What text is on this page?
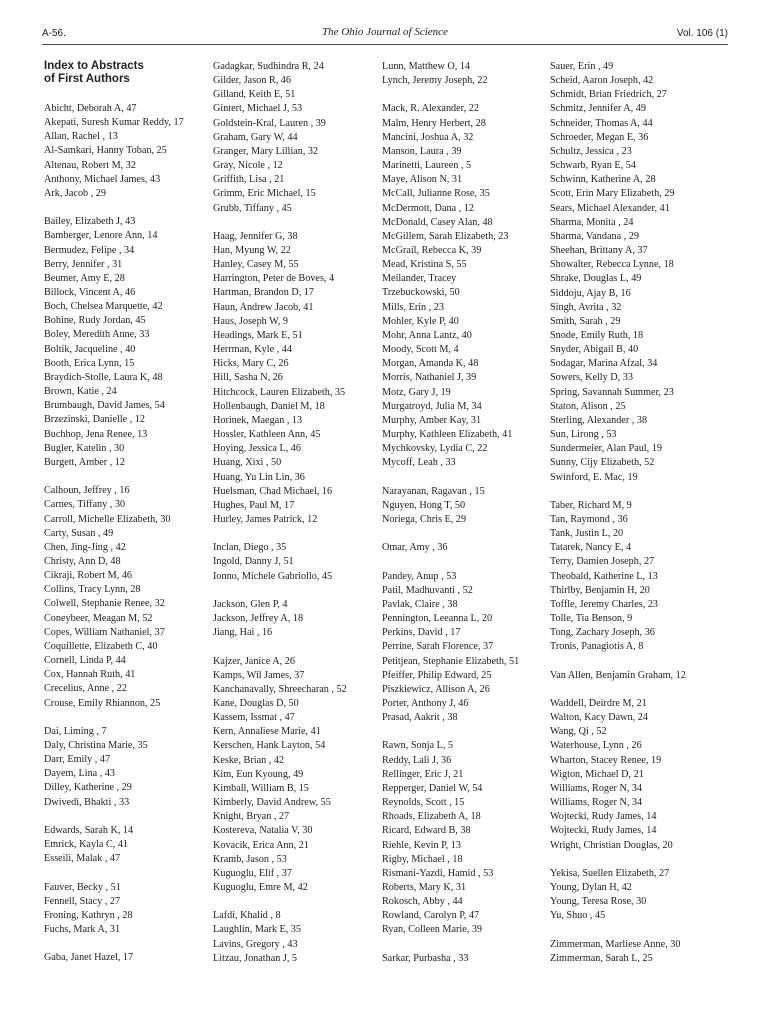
A-56.	The Ohio Journal of Science	Vol. 106 (1)
Index to Abstracts
of First Authors
Abicht, Deborah A, 47
Akepati, Suresh Kumar Reddy, 17
Allan, Rachel , 13
Al-Samkari, Hanny Toban, 25
Altenau, Robert M, 32
Anthony, Michael James, 43
Ark, Jacob , 29
Bailey, Elizabeth J, 43
Bamberger, Lenore Ann, 14
Bermudez, Felipe , 34
Berry, Jennifer , 31
Beumer, Amy E, 28
Billock, Vincent A, 46
Boch, Chelsea Marquette, 42
Bohine, Rudy Jordan, 45
Boley, Meredith Anne, 33
Boltik, Jacqueline , 40
Booth, Erica Lynn, 15
Braydich-Stolle, Laura K, 48
Brown, Katie , 24
Brumbaugh, David James, 54
Brzezinski, Danielle , 12
Buchhop, Jena Renee, 13
Bugler, Katelin , 30
Burgett, Amber , 12
Calhoun, Jeffrey , 16
Carnes, Tiffany , 30
Carroll, Michelle Elizabeth, 30
Carty, Susan , 49
Chen, Jing-Jing , 42
Christy, Ann D, 48
Cikraji, Robert M, 46
Collins, Tracy Lynn, 28
Colwell, Stephanie Renee, 32
Coneybeer, Meagan M, 52
Copes, William Nathaniel, 37
Coquillette, Elizabeth C, 40
Cornell, Linda P, 44
Cox, Hannah Ruth, 41
Crecelius, Anne , 22
Crouse, Emily Rhiannon, 25
Dai, Liming , 7
Daly, Christina Marie, 35
Darr, Emily , 47
Dayem, Lina , 43
Dilley, Katherine , 29
Dwivedi, Bhakti , 33
Edwards, Sarah K, 14
Emrick, Kayla C, 41
Esseili, Malak , 47
Fauver, Becky , 51
Fennell, Stacy , 27
Froning, Kathryn , 28
Fuchs, Mark A, 31
Gaba, Janet Hazel, 17
Gadagkar, Sudhindra R, 24
Gilder, Jason R, 46
Gilland, Keith E, 51
Gintert, Michael J, 53
Goldstein-Kral, Lauren , 39
Graham, Gary W, 44
Granger, Mary Lillian, 32
Gray, Nicole , 12
Griffith, Lisa , 21
Grimm, Eric Michael, 15
Grubb, Tiffany , 45
Haag, Jennifer G, 38
Han, Myung W, 22
Hanley, Casey M, 55
Harrington, Peter de Boves, 4
Hartman, Brandon D, 17
Haun, Andrew Jacob, 41
Haus, Joseph W, 9
Headings, Mark E, 51
Herrman, Kyle , 44
Hicks, Mary C, 26
Hill, Sasha N, 26
Hitchcock, Lauren Elizabeth, 35
Hollenbaugh, Daniel M, 18
Horinek, Maegan , 13
Hossler, Kathleen Ann, 45
Hoying, Jessica L, 46
Huang, Xixi , 50
Huang, Yu Lin Lin, 36
Huelsman, Chad Michael, 16
Hughes, Paul M, 17
Hurley, James Patrick, 12
Inclan, Diego , 35
Ingold, Danny J, 51
Ionno, Michele Gabriollo, 45
Jackson, Glen P, 4
Jackson, Jeffrey A, 18
Jiang, Hai , 16
Kajzer, Janice A, 26
Kamps, Wil James, 37
Kanchanavally, Shreecharan , 52
Kane, Douglas D, 50
Kassem, Issmat , 47
Kern, Annaliese Marie, 41
Kerschen, Hank Layton, 54
Keske, Brian , 42
Kim, Eun Kyoung, 49
Kimball, William B, 15
Kimberly, David Andrew, 55
Knight, Bryan , 27
Kostereva, Natalia V, 30
Kovacik, Erica Ann, 21
Kramb, Jason , 53
Kuguoglu, Elif , 37
Kuguoglu, Emre M, 42
Lafdi, Khalid , 8
Laughlin, Mark E, 35
Lavins, Gregory , 43
Litzau, Jonathan J, 5
Lunn, Matthew O, 14
Lynch, Jeremy Joseph, 22
Mack, R. Alexander, 22
Malm, Henry Herbert, 28
Mancini, Joshua A, 32
Manson, Laura , 39
Marinetti, Laureen , 5
Maye, Alison N, 31
McCall, Julianne Rose, 35
McDermott, Dana , 12
McDonald, Casey Alan, 48
McGillem, Sarah Elizabeth, 23
McGrail, Rebecca K, 39
Mead, Kristina S, 55
Meilander, Tracey
Trzebuckowski, 50
Mills, Erin , 23
Mohler, Kyle P, 40
Mohr, Anna Lantz, 40
Moody, Scott M, 4
Morgan, Amanda K, 48
Morris, Nathaniel J, 39
Motz, Gary J, 19
Murgatroyd, Julia M, 34
Murphy, Amber Kay, 31
Murphy, Kathleen Elizabeth, 41
Mychkovsky, Lydia C, 22
Mycoff, Leah , 33
Narayanan, Ragavan , 15
Nguyen, Hong T, 50
Noriega, Chris E, 29
Omar, Amy , 36
Pandey, Anup , 53
Patil, Madhuvanti , 52
Pavlak, Claire , 38
Pennington, Leeanna L, 20
Perkins, David , 17
Perrine, Sarah Florence, 37
Petitjean, Stephanie Elizabeth, 51
Pfeiffer, Philip Edward, 25
Piszkiewicz, Allison A, 26
Porter, Anthony J, 46
Prasad, Aakrit , 38
Rawn, Sonja L, 5
Reddy, Lali J, 36
Rellinger, Eric J, 21
Repperger, Daniel W, 54
Reynolds, Scott , 15
Rhoads, Elizabeth A, 18
Ricard, Edward B, 38
Riehle, Kevin P, 13
Rigby, Michael , 18
Rismani-Yazdi, Hamid , 53
Roberts, Mary K, 31
Rokosch, Abby , 44
Rowland, Carolyn P, 47
Ryan, Colleen Marie, 39
Sarkar, Purbasha , 33
Sauer, Erin , 49
Scheid, Aaron Joseph, 42
Schmidt, Brian Friedrich, 27
Schmitz, Jennifer A, 49
Schneider, Thomas A, 44
Schroeder, Megan E, 36
Schultz, Jessica , 23
Schwarb, Ryan E, 54
Schwinn, Katherine A, 28
Scott, Erin Mary Elizabeth, 29
Sears, Michael Alexander, 41
Sharma, Monita , 24
Sharma, Vandana , 29
Sheehan, Brittany A, 37
Showalter, Rebecca Lynne, 18
Shrake, Douglas L, 49
Siddoju, Ajay B, 16
Singh, Avrita , 32
Smith, Sarah , 29
Snode, Emily Ruth, 18
Snyder, Abigail B, 40
Sodagar, Marina Afzal, 34
Sowers, Kelly D, 33
Spring, Savannah Summer, 23
Staton, Alison , 25
Sterling, Alexander , 38
Sun, Lirong , 53
Sundermeier, Alan Paul, 19
Sunny, Cijy Elizabeth, 52
Swinford, E. Mac, 19
Taber, Richard M, 9
Tan, Raymond , 36
Tank, Justin L, 20
Tatarek, Nancy E, 4
Terry, Damien Joseph, 27
Theobald, Katherine L, 13
Thirlby, Benjamin H, 20
Toffle, Jeremy Charles, 23
Tolle, Tia Benson, 9
Tong, Zachary Joseph, 36
Tronis, Panagiotis A, 8
Van Allen, Benjamin Graham, 12
Waddell, Deirdre M, 21
Walton, Kacy Dawn, 24
Wang, Qi , 52
Waterhouse, Lynn , 26
Wharton, Stacey Renee, 19
Wigton, Michael D, 21
Williams, Roger N, 34
Williams, Roger N, 34
Wojtecki, Rudy James, 14
Wojtecki, Rudy James, 14
Wright, Christian Douglas, 20
Yekisa, Suellen Elizabeth, 27
Young, Dylan H, 42
Young, Teresa Rose, 30
Yu, Shuo , 45
Zimmerman, Marliese Anne, 30
Zimmerman, Sarah L, 25
